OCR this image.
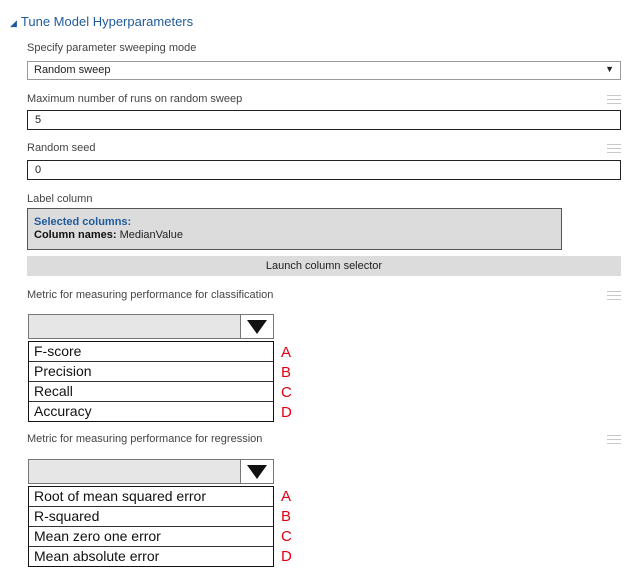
◢ Tune Model Hyperparameters
Specify parameter sweeping mode
Random sweep	▼
Maximum number of runs on random sweep
5
Random seed
0
Label column
Selected columns:
Column names: MedianValue
Launch column selector
Metric for measuring performance for classification
F-score
Precision
Recall
Accuracy
A
B
C
D
Metric for measuring performance for regression
Root of mean squared error
R-squared
Mean zero one error
Mean absolute error
A
B
C
D
